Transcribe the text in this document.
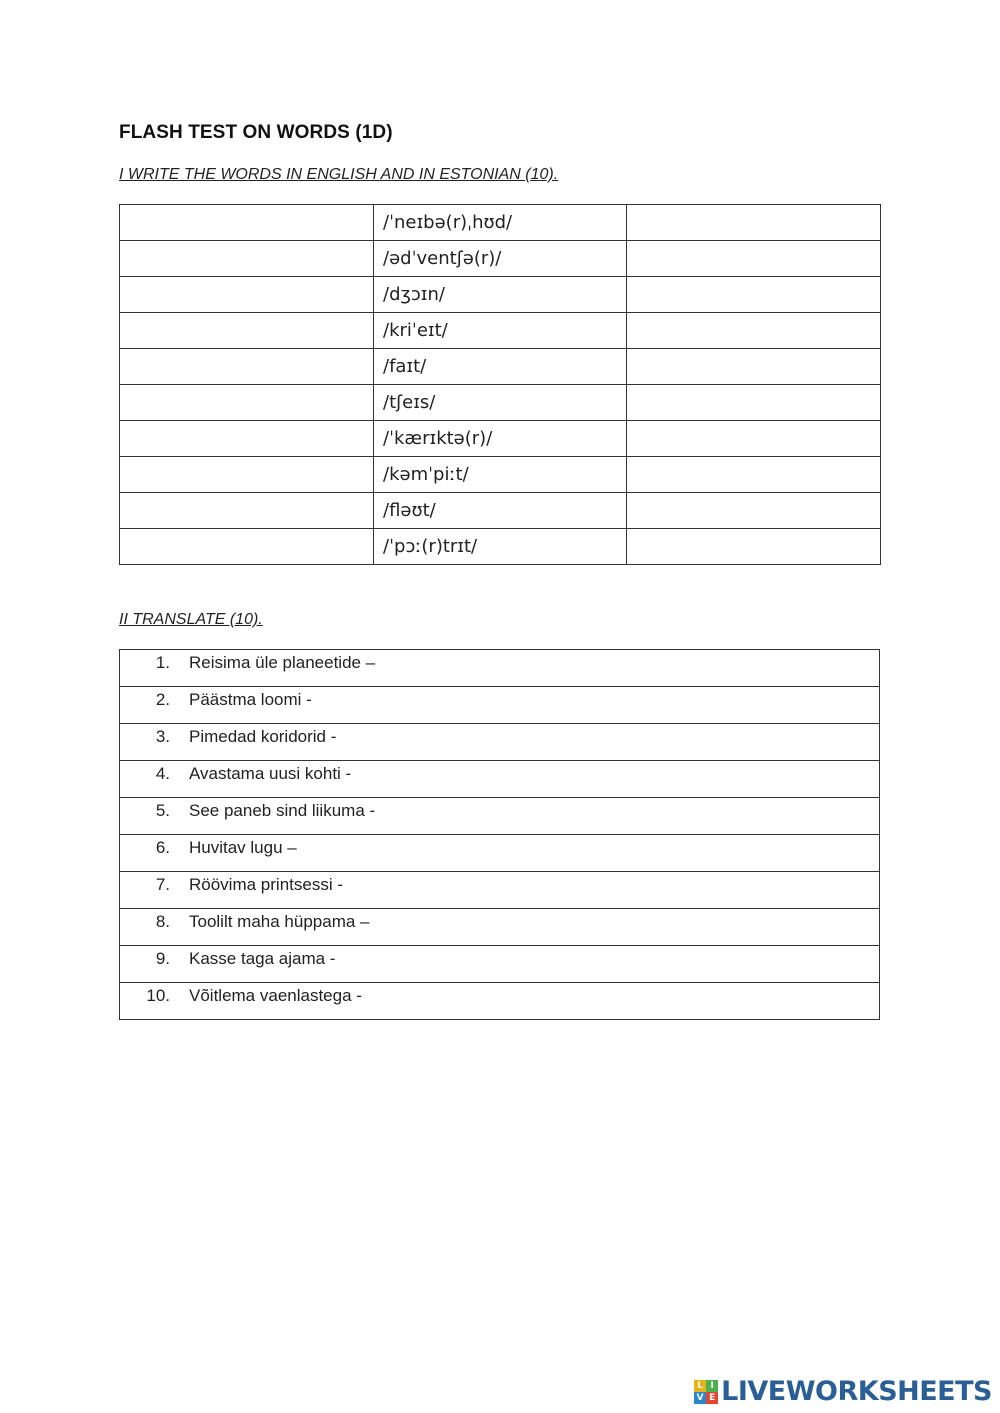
FLASH TEST ON WORDS (1D)
I WRITE THE WORDS IN ENGLISH AND IN ESTONIAN (10).
	/ˈneɪbə(r)ˌhʊd/	
	/ədˈventʃə(r)/	
	/dʒɔɪn/	
	/kriˈeɪt/	
	/faɪt/	
	/tʃeɪs/	
	/ˈkærɪktə(r)/	
	/kəmˈpiːt/	
	/fləʊt/	
	/ˈpɔː(r)trɪt/	
II TRANSLATE (10).
1.	Reisima üle planeetide –

2.	Päästma loomi -

3.	Pimedad koridorid -

4.	Avastama uusi kohti -

5.	See paneb sind liikuma -

6.	Huvitav lugu –

7.	Röövima printsessi -

8.	Toolilt maha hüppama –

9.	Kasse taga ajama -

10.	Võitlema vaenlastega -
L I
V E LIVEWORKSHEETS
